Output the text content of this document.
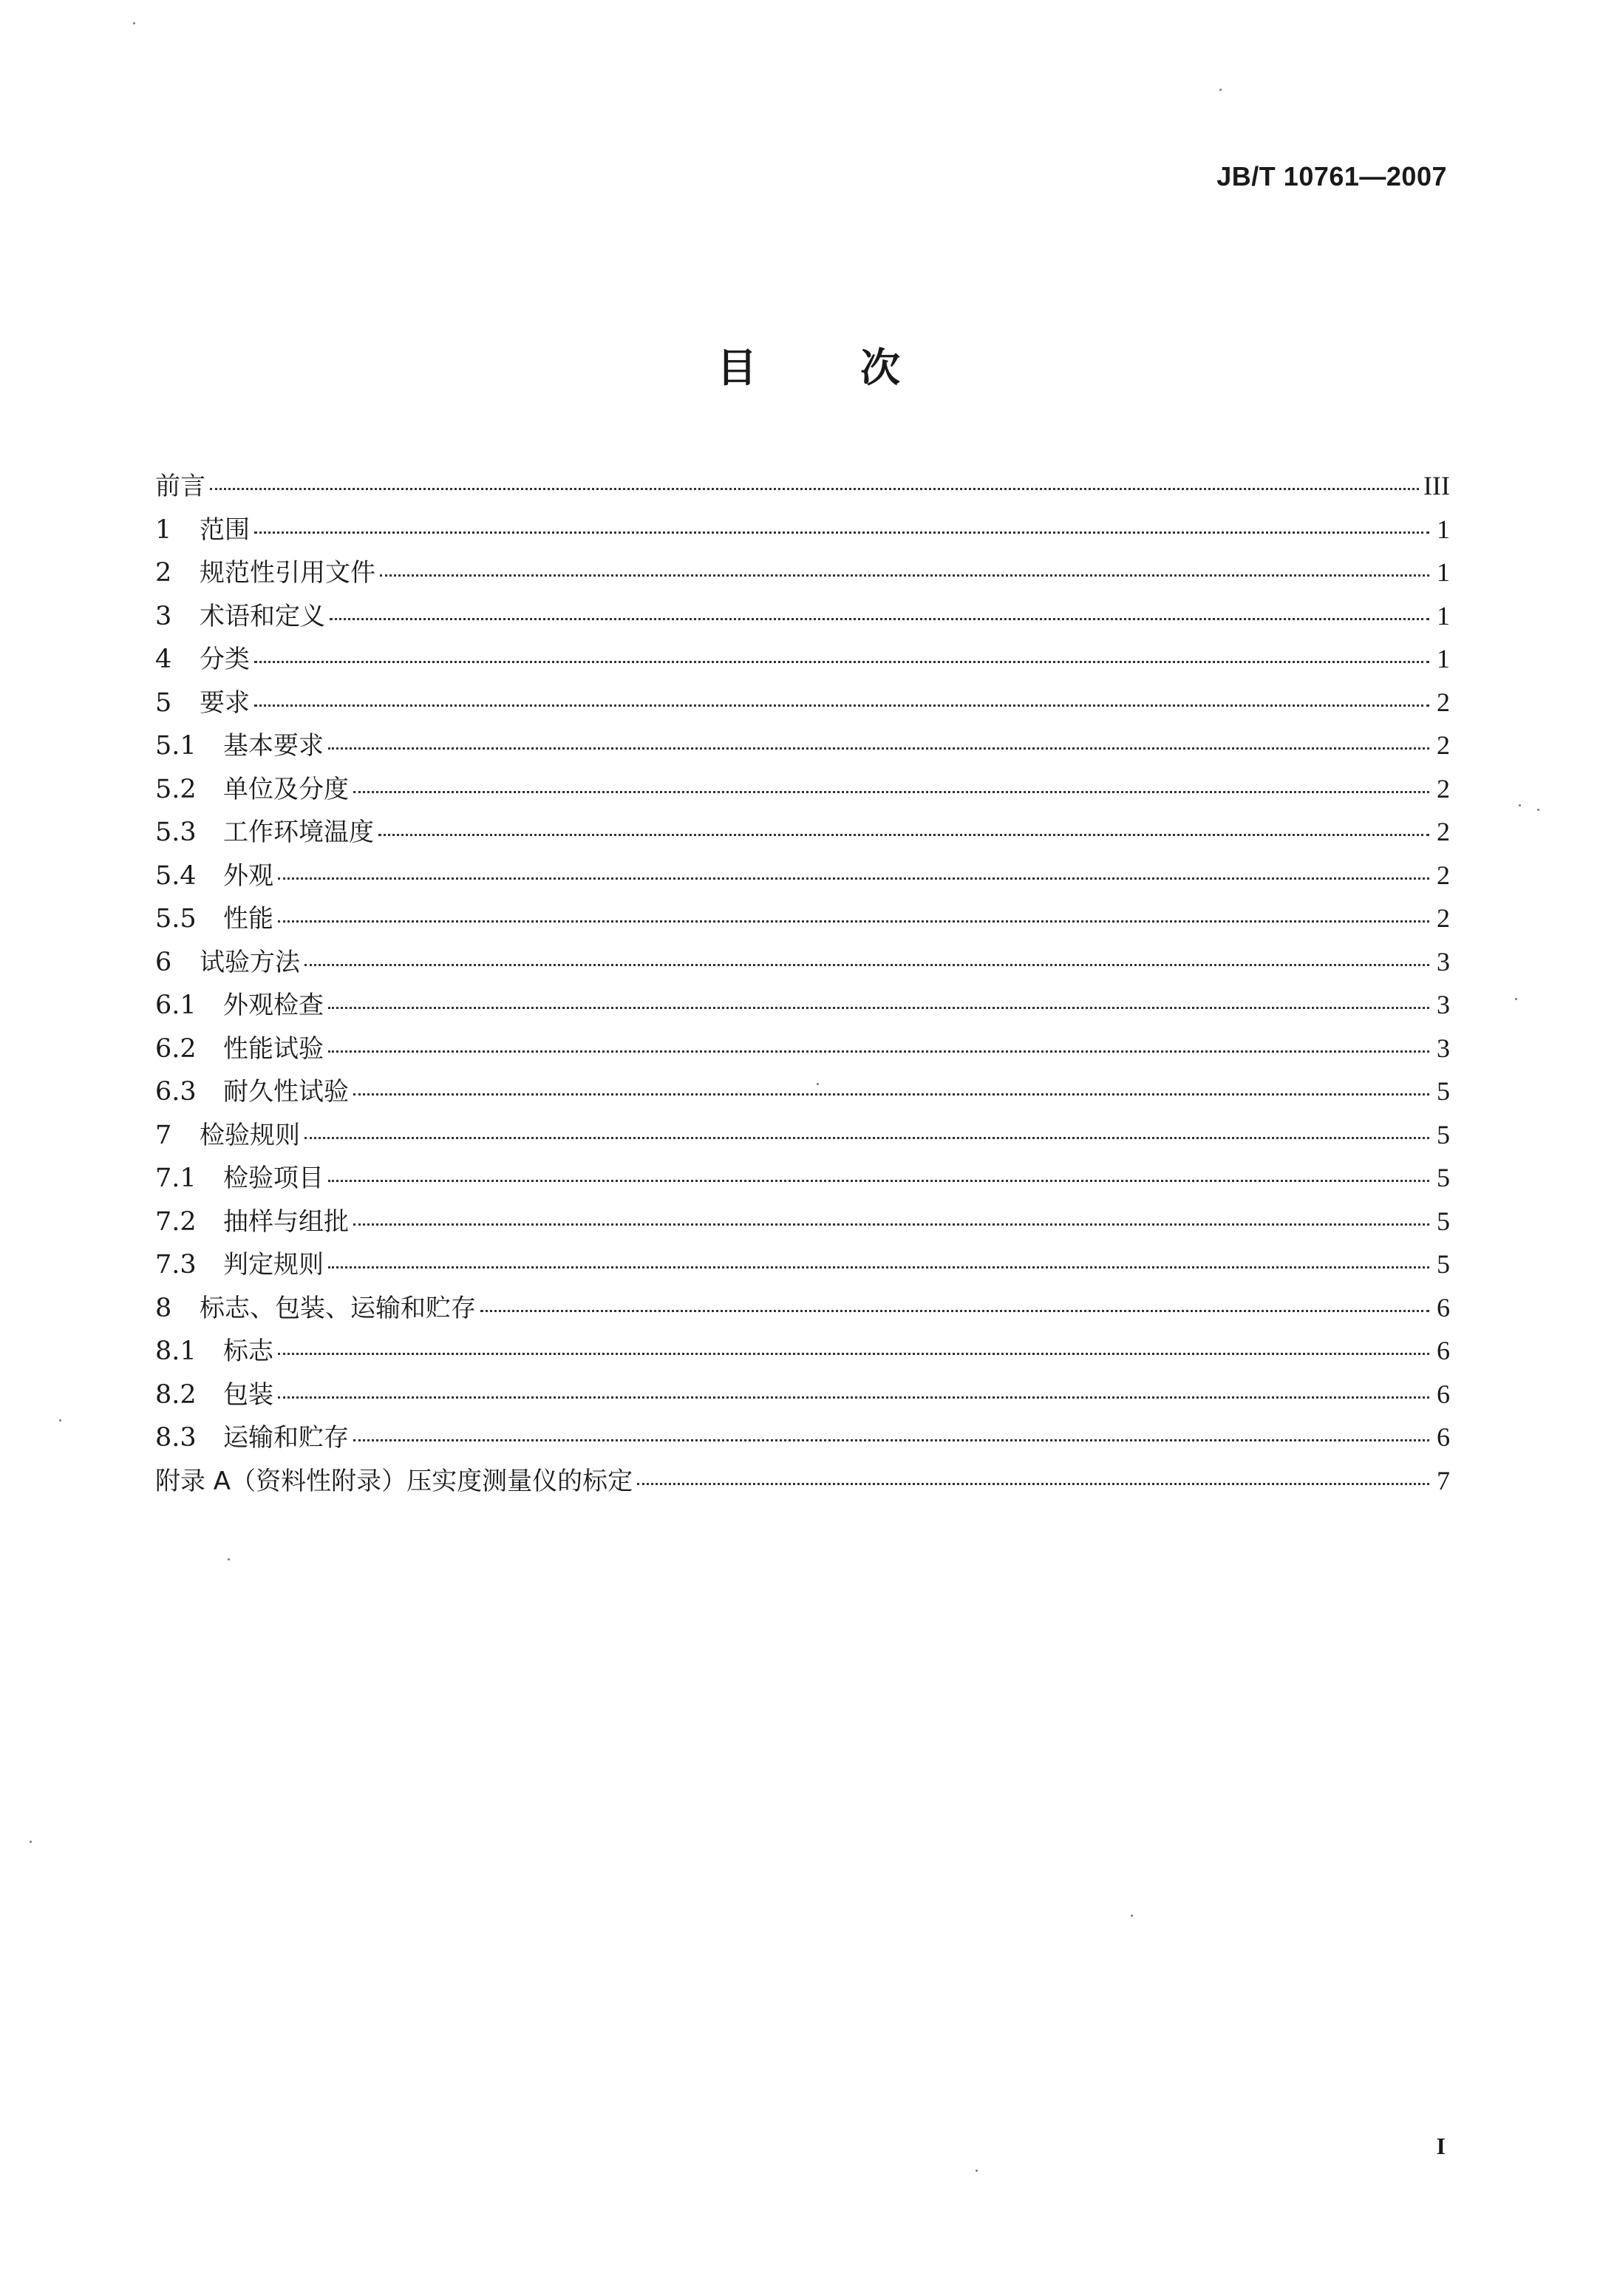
JB/T 10761—2007
目次
前言	III
1	范围	1
2	规范性引用文件	1
3	术语和定义	1
4	分类	1
5	要求	2
5.1	基本要求	2
5.2	单位及分度	2
5.3	工作环境温度	2
5.4	外观	2
5.5	性能	2
6	试验方法	3
6.1	外观检查	3
6.2	性能试验	3
6.3	耐久性试验	5
7	检验规则	5
7.1	检验项目	5
7.2	抽样与组批	5
7.3	判定规则	5
8	标志、包装、运输和贮存	6
8.1	标志	6
8.2	包装	6
8.3	运输和贮存	6
附录 A（资料性附录）压实度测量仪的标定	7
I
